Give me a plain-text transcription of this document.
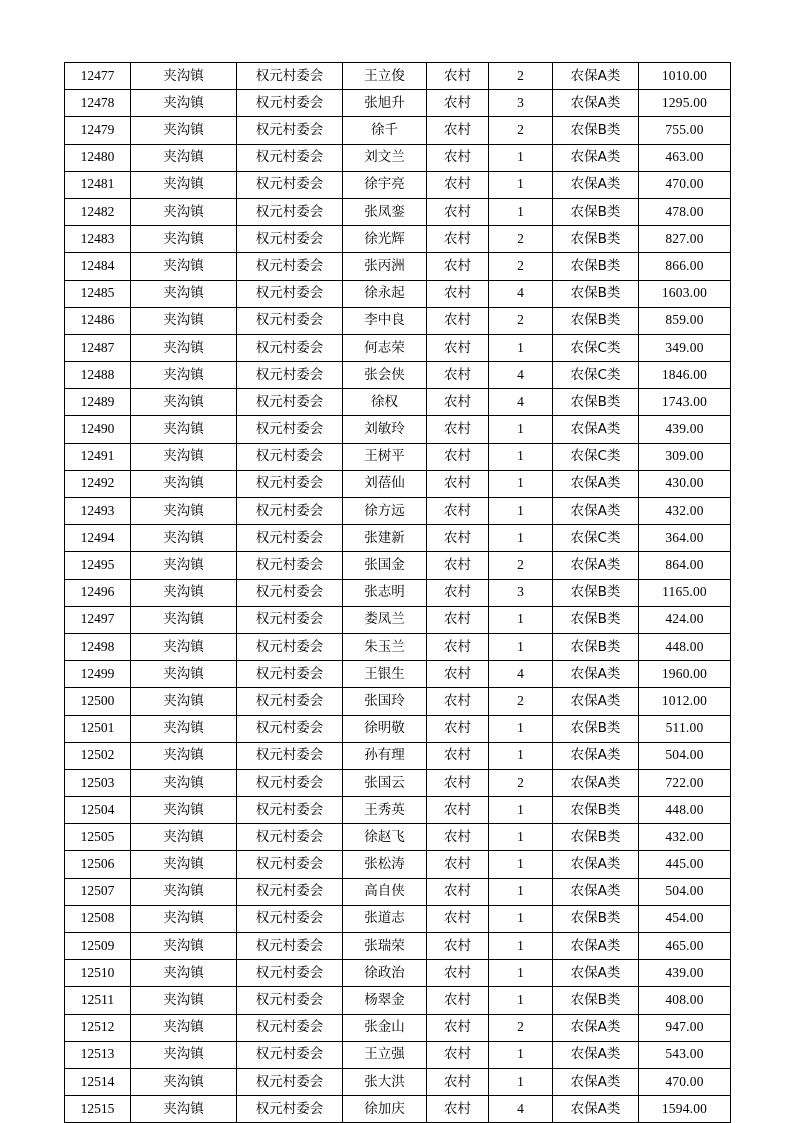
12477	夹沟镇	权元村委会	王立俊	农村	2	农保A类	1010.00
12478	夹沟镇	权元村委会	张旭升	农村	3	农保A类	1295.00
12479	夹沟镇	权元村委会	徐千	农村	2	农保B类	755.00
12480	夹沟镇	权元村委会	刘文兰	农村	1	农保A类	463.00
12481	夹沟镇	权元村委会	徐宇亮	农村	1	农保A类	470.00
12482	夹沟镇	权元村委会	张凤銮	农村	1	农保B类	478.00
12483	夹沟镇	权元村委会	徐光辉	农村	2	农保B类	827.00
12484	夹沟镇	权元村委会	张丙洲	农村	2	农保B类	866.00
12485	夹沟镇	权元村委会	徐永起	农村	4	农保B类	1603.00
12486	夹沟镇	权元村委会	李中良	农村	2	农保B类	859.00
12487	夹沟镇	权元村委会	何志荣	农村	1	农保C类	349.00
12488	夹沟镇	权元村委会	张会侠	农村	4	农保C类	1846.00
12489	夹沟镇	权元村委会	徐权	农村	4	农保B类	1743.00
12490	夹沟镇	权元村委会	刘敏玲	农村	1	农保A类	439.00
12491	夹沟镇	权元村委会	王树平	农村	1	农保C类	309.00
12492	夹沟镇	权元村委会	刘蓓仙	农村	1	农保A类	430.00
12493	夹沟镇	权元村委会	徐方远	农村	1	农保A类	432.00
12494	夹沟镇	权元村委会	张建新	农村	1	农保C类	364.00
12495	夹沟镇	权元村委会	张国金	农村	2	农保A类	864.00
12496	夹沟镇	权元村委会	张志明	农村	3	农保B类	1165.00
12497	夹沟镇	权元村委会	娄凤兰	农村	1	农保B类	424.00
12498	夹沟镇	权元村委会	朱玉兰	农村	1	农保B类	448.00
12499	夹沟镇	权元村委会	王银生	农村	4	农保A类	1960.00
12500	夹沟镇	权元村委会	张国玲	农村	2	农保A类	1012.00
12501	夹沟镇	权元村委会	徐明敬	农村	1	农保B类	511.00
12502	夹沟镇	权元村委会	孙有理	农村	1	农保A类	504.00
12503	夹沟镇	权元村委会	张国云	农村	2	农保A类	722.00
12504	夹沟镇	权元村委会	王秀英	农村	1	农保B类	448.00
12505	夹沟镇	权元村委会	徐赵飞	农村	1	农保B类	432.00
12506	夹沟镇	权元村委会	张松涛	农村	1	农保A类	445.00
12507	夹沟镇	权元村委会	高自侠	农村	1	农保A类	504.00
12508	夹沟镇	权元村委会	张道志	农村	1	农保B类	454.00
12509	夹沟镇	权元村委会	张瑞荣	农村	1	农保A类	465.00
12510	夹沟镇	权元村委会	徐政治	农村	1	农保A类	439.00
12511	夹沟镇	权元村委会	杨翠金	农村	1	农保B类	408.00
12512	夹沟镇	权元村委会	张金山	农村	2	农保A类	947.00
12513	夹沟镇	权元村委会	王立强	农村	1	农保A类	543.00
12514	夹沟镇	权元村委会	张大洪	农村	1	农保A类	470.00
12515	夹沟镇	权元村委会	徐加庆	农村	4	农保A类	1594.00
